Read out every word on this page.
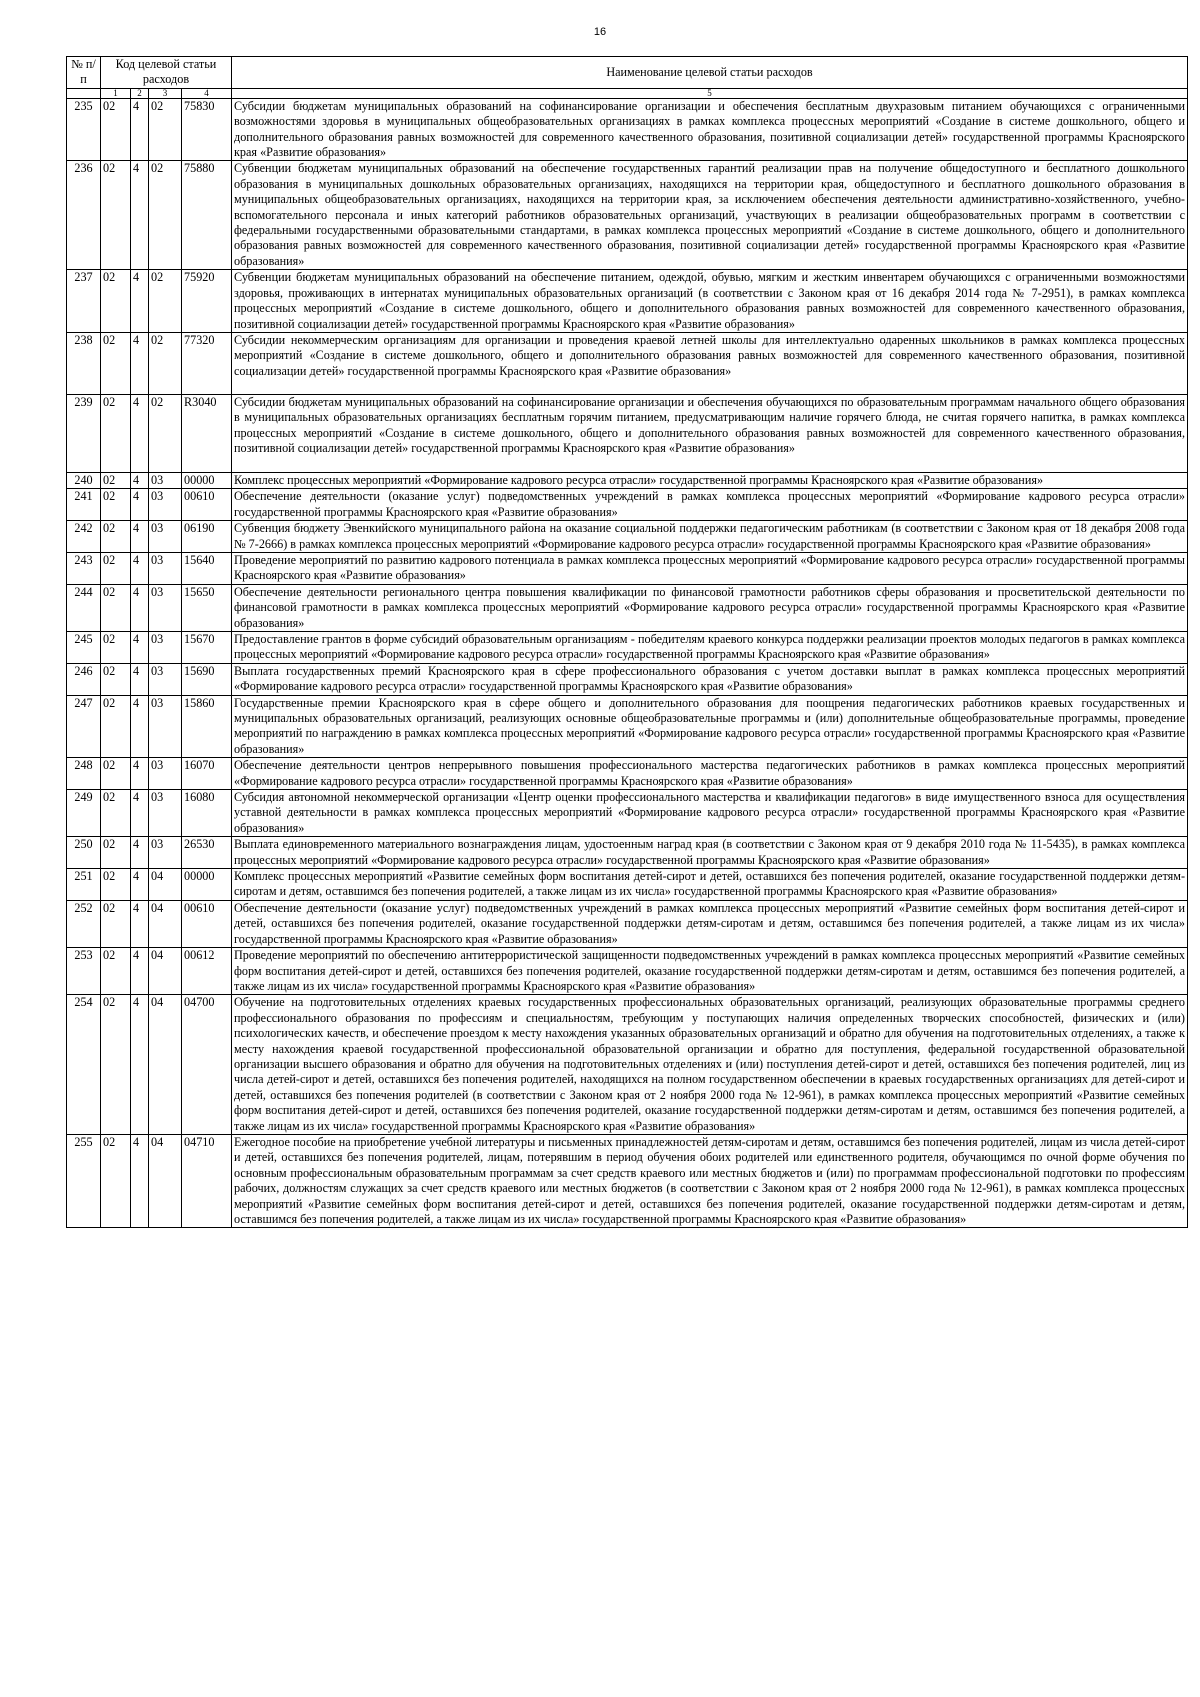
16
№ п/п	Код целевой статьи расходов				Наименование целевой статьи расходов

	1	2	3	4	5
235	02	4	02	75830	Субсидии бюджетам муниципальных образований на софинансирование организации и обеспечения бесплатным двухразовым питанием обучающихся с ограниченными возможностями здоровья в муниципальных общеобразовательных организациях в рамках комплекса процессных мероприятий «Создание в системе дошкольного, общего и дополнительного образования равных возможностей для современного качественного образования, позитивной социализации детей» государственной программы Красноярского края «Развитие образования»
236	02	4	02	75880	Субвенции бюджетам муниципальных образований на обеспечение государственных гарантий реализации прав на получение общедоступного и бесплатного дошкольного образования в муниципальных дошкольных образовательных организациях, находящихся на территории края, общедоступного и бесплатного дошкольного образования в муниципальных общеобразовательных организациях, находящихся на территории края, за исключением обеспечения деятельности административно-хозяйственного, учебно-вспомогательного персонала и иных категорий работников образовательных организаций, участвующих в реализации общеобразовательных программ в соответствии с федеральными государственными образовательными стандартами, в рамках комплекса процессных мероприятий «Создание в системе дошкольного, общего и дополнительного образования равных возможностей для современного качественного образования, позитивной социализации детей» государственной программы Красноярского края «Развитие образования»
237	02	4	02	75920	Субвенции бюджетам муниципальных образований на обеспечение питанием, одеждой, обувью, мягким и жестким инвентарем обучающихся с ограниченными возможностями здоровья, проживающих в интернатах муниципальных образовательных организаций (в соответствии с Законом края от 16 декабря 2014 года № 7-2951), в рамках комплекса процессных мероприятий «Создание в системе дошкольного, общего и дополнительного образования равных возможностей для современного качественного образования, позитивной социализации детей» государственной программы Красноярского края «Развитие образования»
238	02	4	02	77320	Субсидии некоммерческим организациям для организации и проведения краевой летней школы для интеллектуально одаренных школьников в рамках комплекса процессных мероприятий «Создание в системе дошкольного, общего и дополнительного образования равных возможностей для современного качественного образования, позитивной социализации детей» государственной программы Красноярского края «Развитие образования»
239	02	4	02	R3040	Субсидии бюджетам муниципальных образований на софинансирование организации и обеспечения обучающихся по образовательным программам начального общего образования в муниципальных образовательных организациях бесплатным горячим питанием, предусматривающим наличие горячего блюда, не считая горячего напитка, в рамках комплекса процессных мероприятий «Создание в системе дошкольного, общего и дополнительного образования равных возможностей для современного качественного образования, позитивной социализации детей» государственной программы Красноярского края «Развитие образования»
240	02	4	03	00000	Комплекс процессных мероприятий «Формирование кадрового ресурса отрасли» государственной программы Красноярского края «Развитие образования»
241	02	4	03	00610	Обеспечение деятельности (оказание услуг) подведомственных учреждений в рамках комплекса процессных мероприятий «Формирование кадрового ресурса отрасли» государственной программы Красноярского края «Развитие образования»
242	02	4	03	06190	Субвенция бюджету Эвенкийского муниципального района на оказание социальной поддержки педагогическим работникам (в соответствии с Законом края от 18 декабря 2008 года № 7-2666) в рамках комплекса процессных мероприятий «Формирование кадрового ресурса отрасли» государственной программы Красноярского края «Развитие образования»
243	02	4	03	15640	Проведение мероприятий по развитию кадрового потенциала в рамках комплекса процессных мероприятий «Формирование кадрового ресурса отрасли» государственной программы Красноярского края «Развитие образования»
244	02	4	03	15650	Обеспечение деятельности регионального центра повышения квалификации по финансовой грамотности работников сферы образования и просветительской деятельности по финансовой грамотности в рамках комплекса процессных мероприятий «Формирование кадрового ресурса отрасли» государственной программы Красноярского края «Развитие образования»
245	02	4	03	15670	Предоставление грантов в форме субсидий образовательным организациям - победителям краевого конкурса поддержки реализации проектов молодых педагогов в рамках комплекса процессных мероприятий «Формирование кадрового ресурса отрасли» государственной программы Красноярского края «Развитие образования»
246	02	4	03	15690	Выплата государственных премий Красноярского края в сфере профессионального образования с учетом доставки выплат в рамках комплекса процессных мероприятий «Формирование кадрового ресурса отрасли» государственной программы Красноярского края «Развитие образования»
247	02	4	03	15860	Государственные премии Красноярского края в сфере общего и дополнительного образования для поощрения педагогических работников краевых государственных и муниципальных образовательных организаций, реализующих основные общеобразовательные программы и (или) дополнительные общеобразовательные программы, проведение мероприятий по награждению в рамках комплекса процессных мероприятий «Формирование кадрового ресурса отрасли» государственной программы Красноярского края «Развитие образования»
248	02	4	03	16070	Обеспечение деятельности центров непрерывного повышения профессионального мастерства педагогических работников в рамках комплекса процессных мероприятий «Формирование кадрового ресурса отрасли» государственной программы Красноярского края «Развитие образования»
249	02	4	03	16080	Субсидия автономной некоммерческой организации «Центр оценки профессионального мастерства и квалификации педагогов» в виде имущественного взноса для осуществления уставной деятельности в рамках комплекса процессных мероприятий «Формирование кадрового ресурса отрасли» государственной программы Красноярского края «Развитие образования»
250	02	4	03	26530	Выплата единовременного материального вознаграждения лицам, удостоенным наград края (в соответствии с Законом края от 9 декабря 2010 года № 11-5435), в рамках комплекса процессных мероприятий «Формирование кадрового ресурса отрасли» государственной программы Красноярского края «Развитие образования»
251	02	4	04	00000	Комплекс процессных мероприятий «Развитие семейных форм воспитания детей-сирот и детей, оставшихся без попечения родителей, оказание государственной поддержки детям-сиротам и детям, оставшимся без попечения родителей, а также лицам из их числа» государственной программы Красноярского края «Развитие образования»
252	02	4	04	00610	Обеспечение деятельности (оказание услуг) подведомственных учреждений в рамках комплекса процессных мероприятий «Развитие семейных форм воспитания детей-сирот и детей, оставшихся без попечения родителей, оказание государственной поддержки детям-сиротам и детям, оставшимся без попечения родителей, а также лицам из их числа» государственной программы Красноярского края «Развитие образования»
253	02	4	04	00612	Проведение мероприятий по обеспечению антитеррористической защищенности подведомственных учреждений в рамках комплекса процессных мероприятий «Развитие семейных форм воспитания детей-сирот и детей, оставшихся без попечения родителей, оказание государственной поддержки детям-сиротам и детям, оставшимся без попечения родителей, а также лицам из их числа» государственной программы Красноярского края «Развитие образования»
254	02	4	04	04700	Обучение на подготовительных отделениях краевых государственных профессиональных образовательных организаций, реализующих образовательные программы среднего профессионального образования по профессиям и специальностям, требующим у поступающих наличия определенных творческих способностей, физических и (или) психологических качеств, и обеспечение проездом к месту нахождения указанных образовательных организаций и обратно для обучения на подготовительных отделениях, а также к месту нахождения краевой государственной профессиональной образовательной организации и обратно для поступления, федеральной государственной образовательной организации высшего образования и обратно для обучения на подготовительных отделениях и (или) поступления детей-сирот и детей, оставшихся без попечения родителей, лиц из числа детей-сирот и детей, оставшихся без попечения родителей, находящихся на полном государственном обеспечении в краевых государственных организациях для детей-сирот и детей, оставшихся без попечения родителей (в соответствии с Законом края от 2 ноября 2000 года № 12-961), в рамках комплекса процессных мероприятий «Развитие семейных форм воспитания детей-сирот и детей, оставшихся без попечения родителей, оказание государственной поддержки детям-сиротам и детям, оставшимся без попечения родителей, а также лицам из их числа» государственной программы Красноярского края «Развитие образования»
255	02	4	04	04710	Ежегодное пособие на приобретение учебной литературы и письменных принадлежностей детям-сиротам и детям, оставшимся без попечения родителей, лицам из числа детей-сирот и детей, оставшихся без попечения родителей, лицам, потерявшим в период обучения обоих родителей или единственного родителя, обучающимся по очной форме обучения по основным профессиональным образовательным программам за счет средств краевого или местных бюджетов и (или) по программам профессиональной подготовки по профессиям рабочих, должностям служащих за счет средств краевого или местных бюджетов (в соответствии с Законом края от 2 ноября 2000 года № 12-961), в рамках комплекса процессных мероприятий «Развитие семейных форм воспитания детей-сирот и детей, оставшихся без попечения родителей, оказание государственной поддержки детям-сиротам и детям, оставшимся без попечения родителей, а также лицам из их числа» государственной программы Красноярского края «Развитие образования»
